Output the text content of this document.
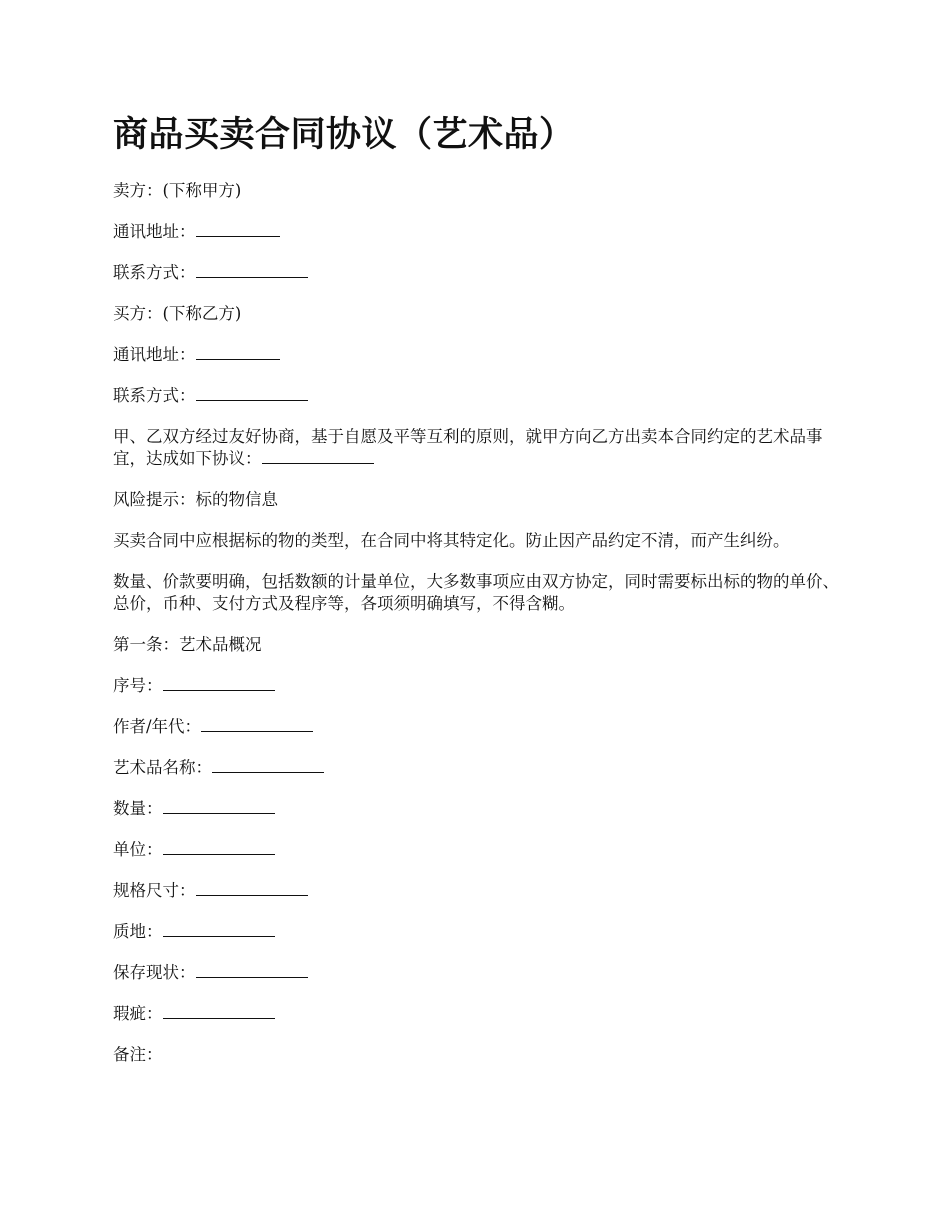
商品买卖合同协议（艺术品）
卖方：(下称甲方)
通讯地址：
联系方式：
买方：(下称乙方)
通讯地址：
联系方式：
甲、乙双方经过友好协商，基于自愿及平等互利的原则，就甲方向乙方出卖本合同约定的艺术品事宜，达成如下协议：
风险提示：标的物信息
买卖合同中应根据标的物的类型，在合同中将其特定化。防止因产品约定不清，而产生纠纷。
数量、价款要明确，包括数额的计量单位，大多数事项应由双方协定，同时需要标出标的物的单价、总价，币种、支付方式及程序等，各项须明确填写，不得含糊。
第一条：艺术品概况
序号：
作者/年代：
艺术品名称：
数量：
单位：
规格尺寸：
质地：
保存现状：
瑕疵：
备注：
